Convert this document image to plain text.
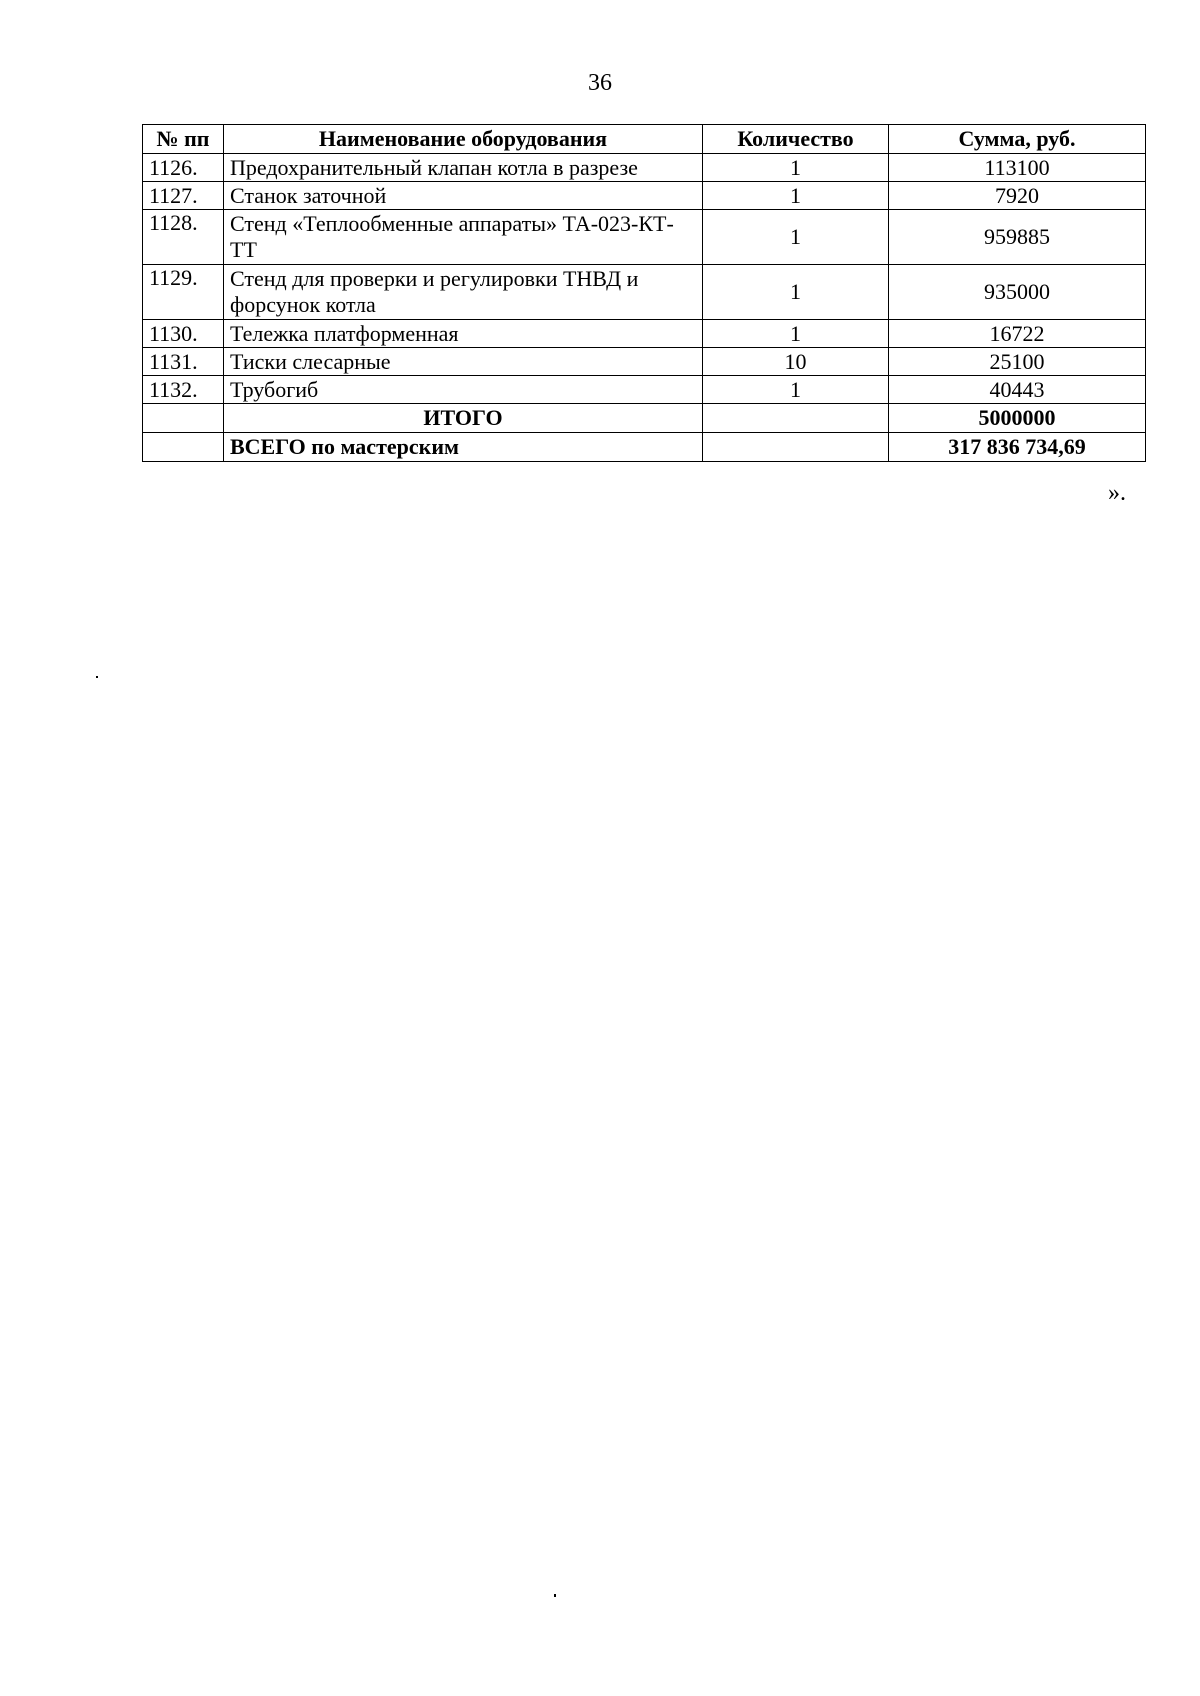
36
№ пп	Наименование оборудования	Количество	Сумма, руб.
1126.	Предохранительный клапан котла в разрезе	1	113100
1127.	Станок заточной	1	7920
1128.	Стенд «Теплообменные аппараты» ТА-023-КТ-ТТ	1	959885
1129.	Стенд для проверки и регулировки ТНВД и форсунок котла	1	935000
1130.	Тележка платформенная	1	16722
1131.	Тиски слесарные	10	25100
1132.	Трубогиб	1	40443
	ИТОГО		5000000
	ВСЕГО по мастерским		317 836 734,69
».
